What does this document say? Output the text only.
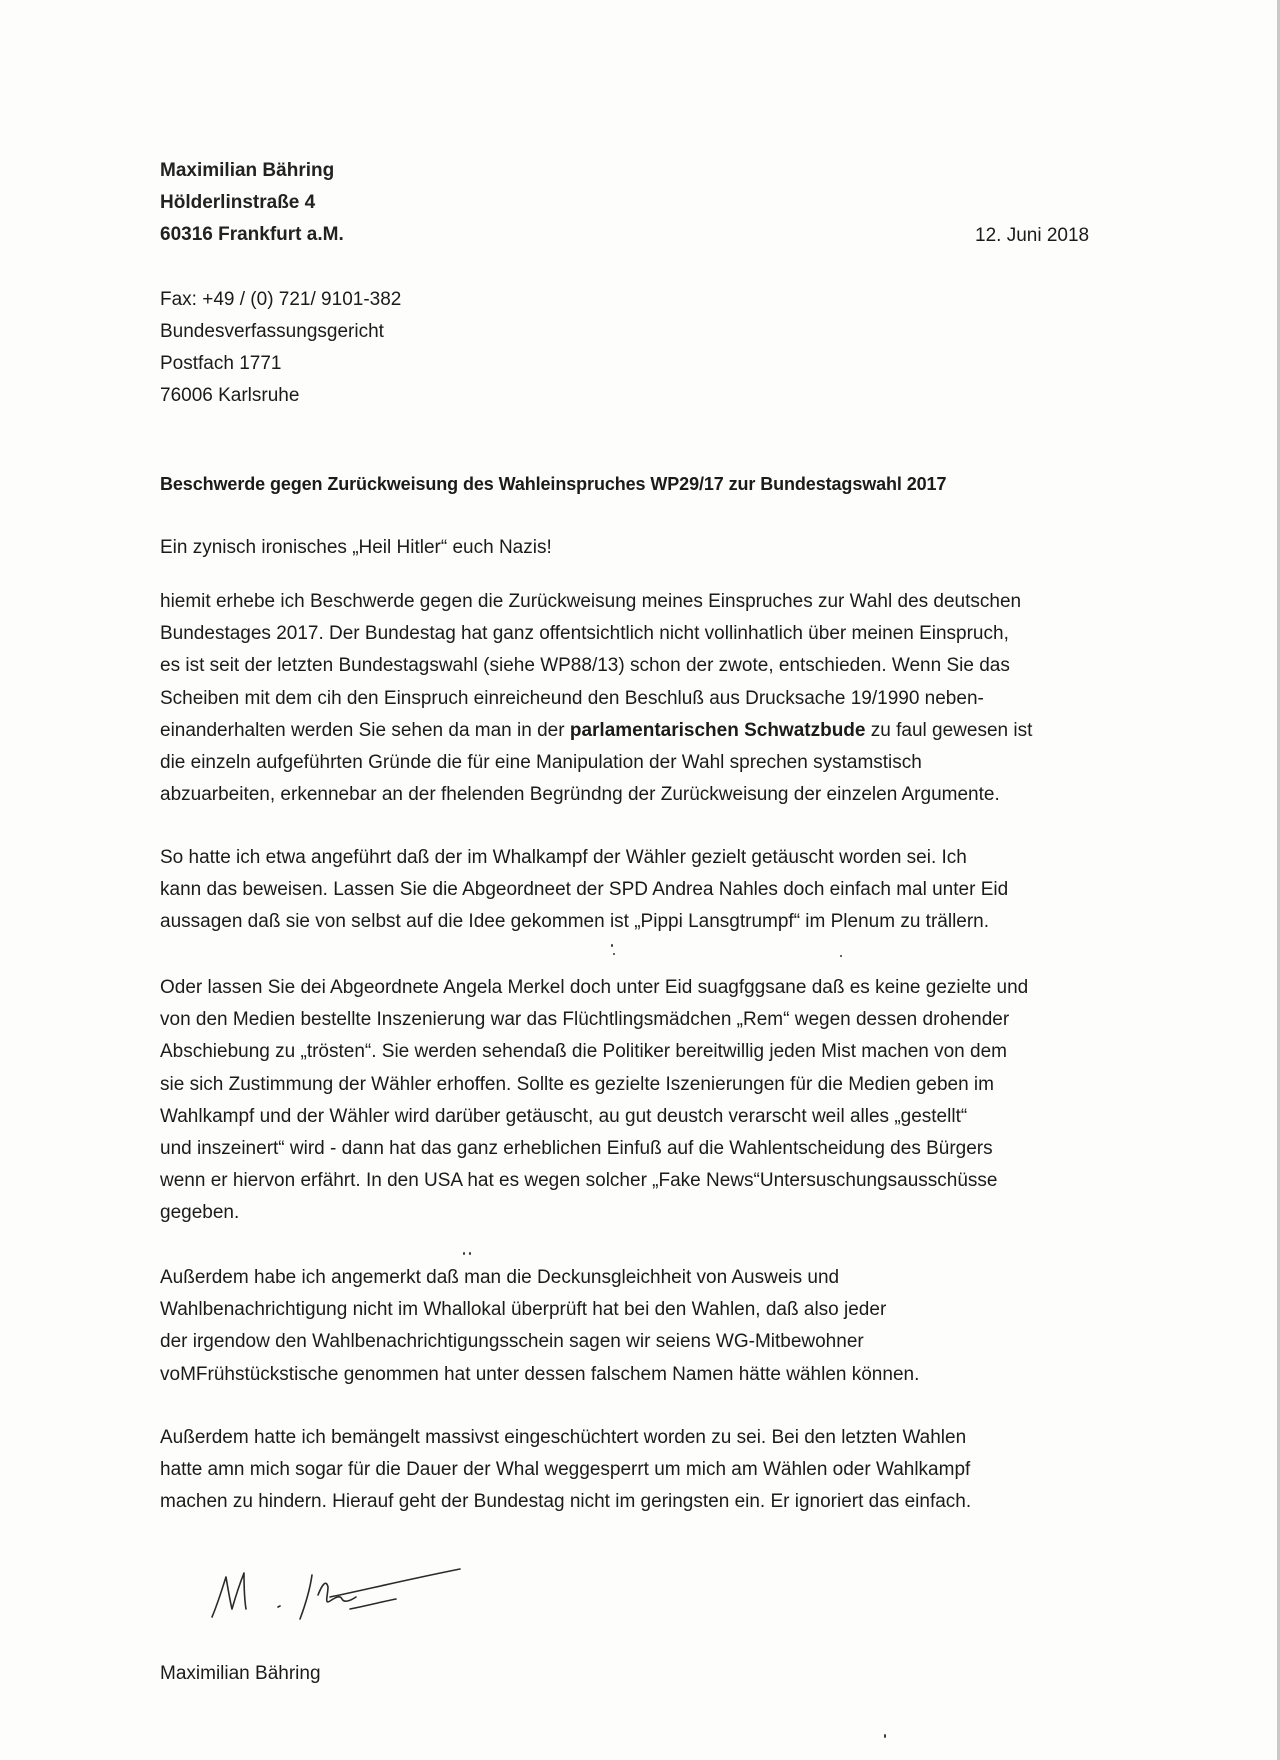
Maximilian Bähring
Hölderlinstraße 4
60316 Frankfurt a.M.	12. Juni 2018
Fax: +49 / (0) 721/ 9101-382
Bundesverfassungsgericht
Postfach 1771
76006 Karlsruhe
Beschwerde gegen Zurückweisung des Wahleinspruches WP29/17 zur Bundestagswahl 2017
Ein zynisch ironisches „Heil Hitler“ euch Nazis!
hiemit erhebe ich Beschwerde gegen die Zurückweisung meines Einspruches zur Wahl des deutschen
Bundestages 2017. Der Bundestag hat ganz offentsichtlich nicht vollinhatlich über meinen Einspruch,
es ist seit der letzten Bundestagswahl (siehe WP88/13) schon der zwote, entschieden. Wenn Sie das
Scheiben mit dem cih den Einspruch einreicheund den Beschluß aus Drucksache 19/1990 neben-
einanderhalten werden Sie sehen da man in der parlamentarischen Schwatzbude zu faul gewesen ist
die einzeln aufgeführten Gründe die für eine Manipulation der Wahl sprechen systamstisch
abzuarbeiten, erkennebar an der fhelenden Begründng der Zurückweisung der einzelen Argumente.
So hatte ich etwa angeführt daß der im Whalkampf der Wähler gezielt getäuscht worden sei. Ich
kann das beweisen. Lassen Sie die Abgeordneet der SPD Andrea Nahles doch einfach mal unter Eid
aussagen daß sie von selbst auf die Idee gekommen ist „Pippi Lansgtrumpf“ im Plenum zu trällern.
Oder lassen Sie dei Abgeordnete Angela Merkel doch unter Eid suagfggsane daß es keine gezielte und
von den Medien bestellte Inszenierung war das Flüchtlingsmädchen „Rem“ wegen dessen drohender
Abschiebung zu „trösten“. Sie werden sehendaß die Politiker bereitwillig jeden Mist machen von dem
sie sich Zustimmung der Wähler erhoffen. Sollte es gezielte Iszenierungen für die Medien geben im
Wahlkampf und der Wähler wird darüber getäuscht, au gut deustch verarscht weil alles „gestellt“
und inszeinert“ wird - dann hat das ganz erheblichen Einfuß auf die Wahlentscheidung des Bürgers
wenn er hiervon erfährt. In den USA hat es wegen solcher „Fake News“Untersuschungsausschüsse
gegeben.
Außerdem habe ich angemerkt daß man die Deckunsgleichheit von Ausweis und
Wahlbenachrichtigung nicht im Whallokal überprüft hat bei den Wahlen, daß also jeder
der irgendow den Wahlbenachrichtigungsschein sagen wir seiens WG-Mitbewohner
voMFrühstückstische genommen hat unter dessen falschem Namen hätte wählen können.
Außerdem hatte ich bemängelt massivst eingeschüchtert worden zu sei. Bei den letzten Wahlen
hatte amn mich sogar für die Dauer der Whal weggesperrt um mich am Wählen oder Wahlkampf
machen zu hindern. Hierauf geht der Bundestag nicht im geringsten ein. Er ignoriert das einfach.
Maximilian Bähring
